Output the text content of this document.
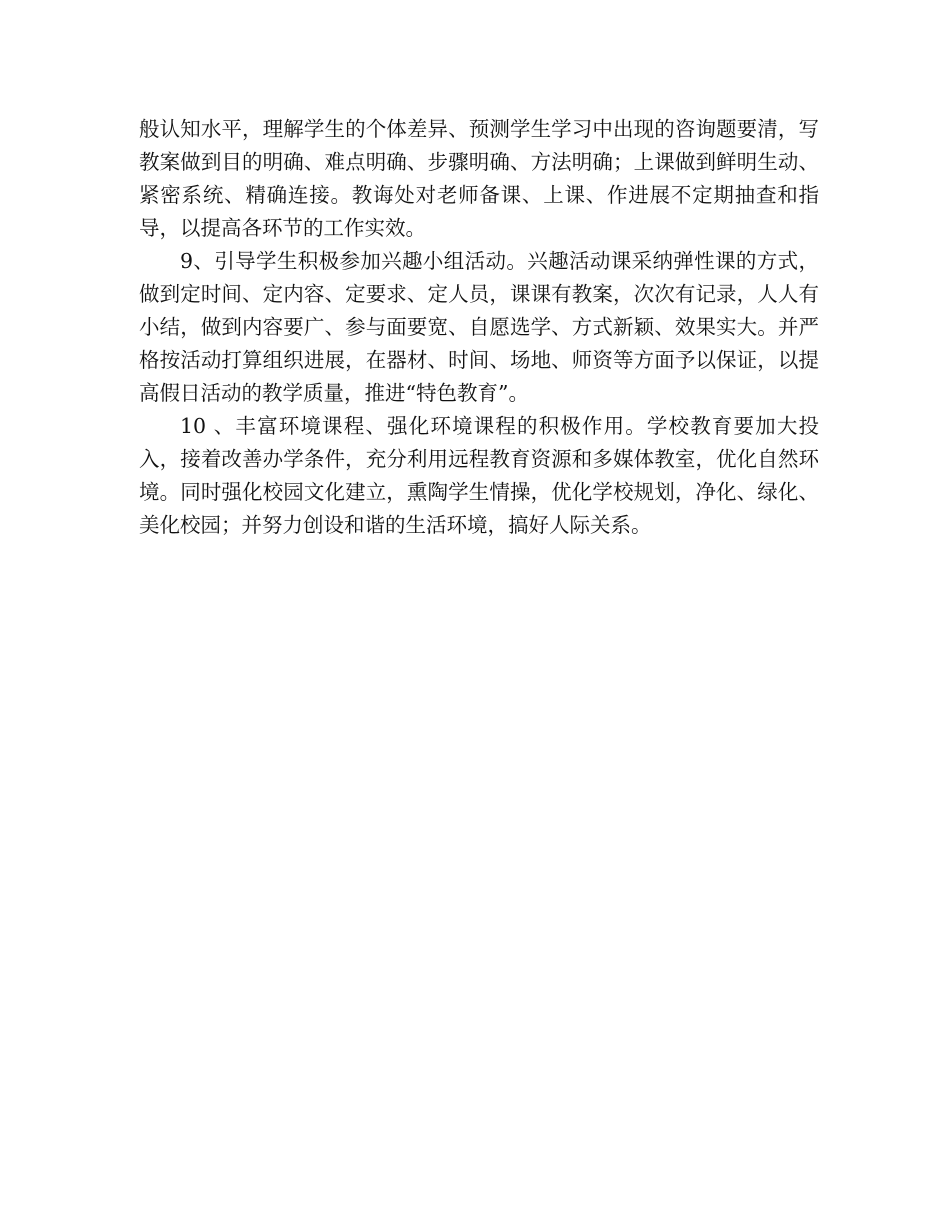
般认知水平，理解学生的个体差异、预测学生学习中出现的咨询题要清，写教案做到目的明确、难点明确、步骤明确、方法明确；上课做到鲜明生动、紧密系统、精确连接。教诲处对老师备课、上课、作进展不定期抽查和指导，以提高各环节的工作实效。

9、引导学生积极参加兴趣小组活动。兴趣活动课采纳弹性课的方式，做到定时间、定内容、定要求、定人员，课课有教案，次次有记录，人人有小结，做到内容要广、参与面要宽、自愿选学、方式新颖、效果实大。并严格按活动打算组织进展，在器材、时间、场地、师资等方面予以保证，以提高假日活动的教学质量，推进“特色教育”。

10 、丰富环境课程、强化环境课程的积极作用。学校教育要加大投入，接着改善办学条件，充分利用远程教育资源和多媒体教室，优化自然环境。同时强化校园文化建立，熏陶学生情操，优化学校规划，净化、绿化、美化校园；并努力创设和谐的生活环境，搞好人际关系。
